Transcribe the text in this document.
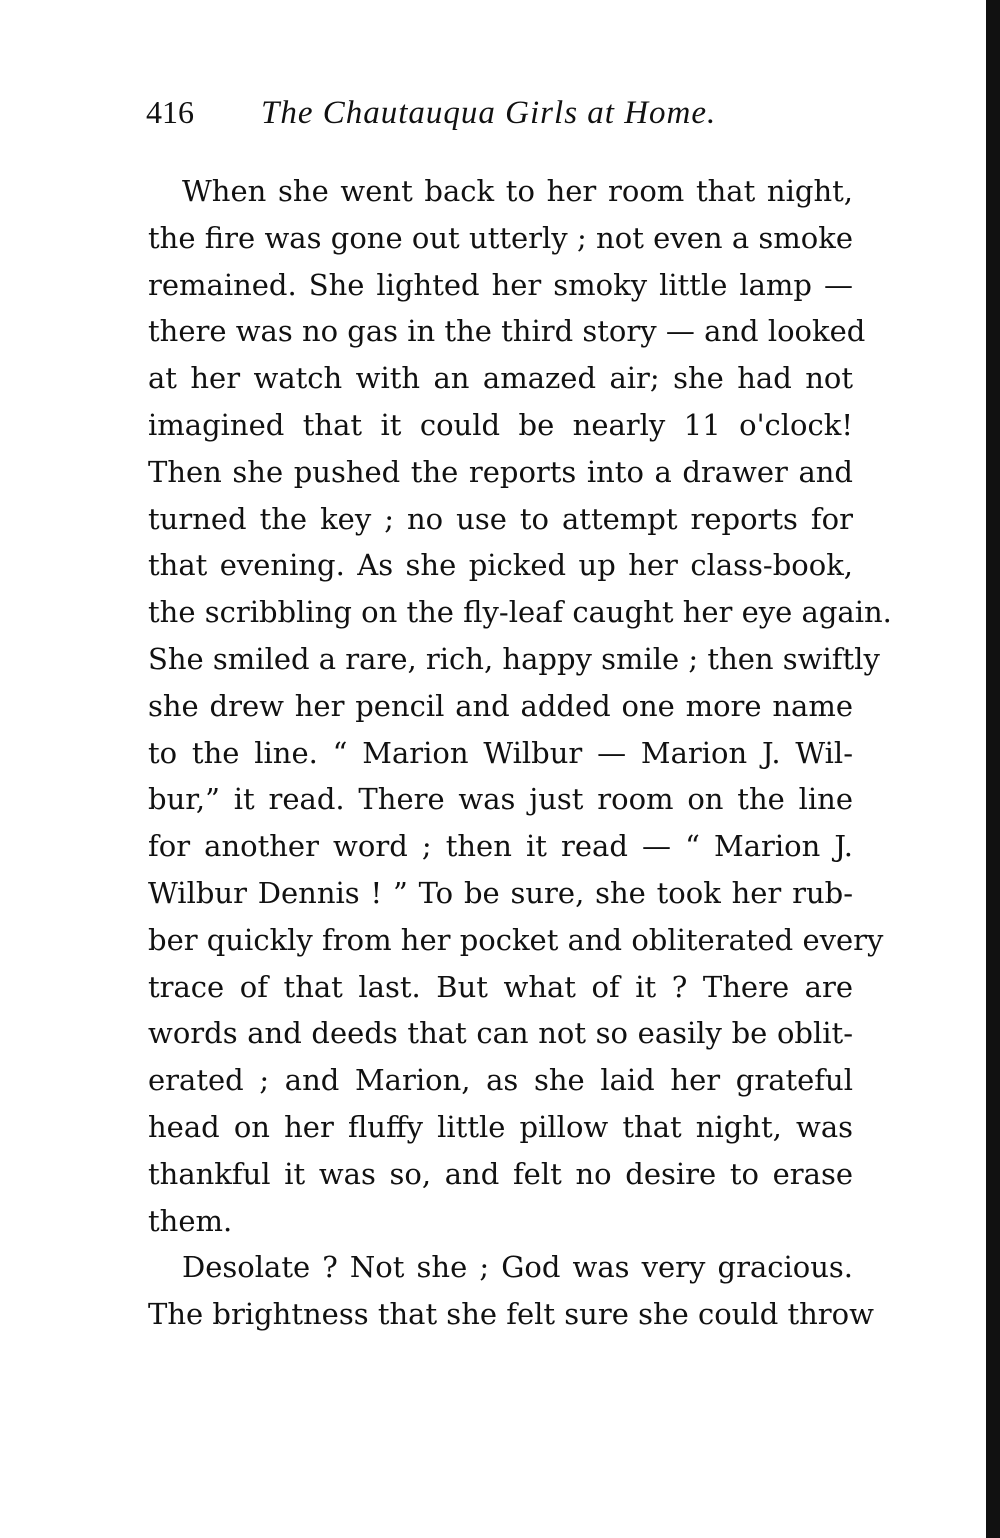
416 The Chautauqua Girls at Home.
When she went back to her room that night,
the fire was gone out utterly ; not even a smoke
remained. She lighted her smoky little lamp —
there was no gas in the third story — and looked
at her watch with an amazed air; she had not
imagined that it could be nearly 11 o'clock!
Then she pushed the reports into a drawer and
turned the key ; no use to attempt reports for
that evening. As she picked up her class-book,
the scribbling on the fly-leaf caught her eye again.
She smiled a rare, rich, happy smile ; then swiftly
she drew her pencil and added one more name
to the line. “ Marion Wilbur — Marion J. Wil-
bur,” it read. There was just room on the line
for another word ; then it read — “ Marion J.
Wilbur Dennis ! ” To be sure, she took her rub-
ber quickly from her pocket and obliterated every
trace of that last. But what of it ? There are
words and deeds that can not so easily be oblit-
erated ; and Marion, as she laid her grateful
head on her fluffy little pillow that night, was
thankful it was so, and felt no desire to erase
them.
Desolate ? Not she ; God was very gracious.
The brightness that she felt sure she could throw
